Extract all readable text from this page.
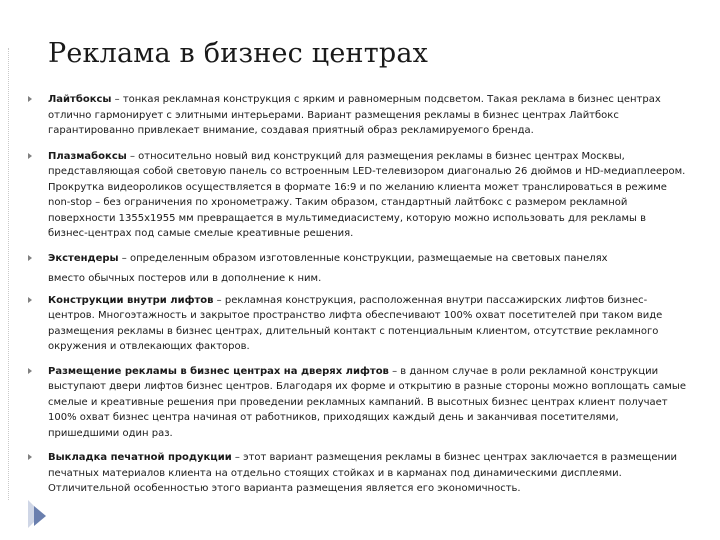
Реклама в бизнес центрах
Лайтбоксы – тонкая рекламная конструкция с ярким и равномерным подсветом. Такая реклама в бизнес центрах отлично гармонирует с элитными интерьерами. Вариант размещения рекламы в бизнес центрах Лайтбокс гарантированно привлекает внимание, создавая приятный образ рекламируемого бренда.
Плазмабоксы – относительно новый вид конструкций для размещения рекламы в бизнес центрах Москвы, представляющая собой световую панель со встроенным LED-телевизором диагональю 26 дюймов и HD-медиаплеером. Прокрутка видеороликов осуществляется в формате 16:9 и по желанию клиента может транслироваться в режиме non-stop – без ограничения по хронометражу. Таким образом, стандартный лайтбокс с размером рекламной поверхности 1355x1955 мм превращается в мультимедиасистему, которую можно использовать для рекламы в бизнес-центрах под самые смелые креативные решения.
Экстендеры – определенным образом изготовленные конструкции, размещаемые на световых панелях
вместо обычных постеров или в дополнение к ним.
Конструкции внутри лифтов – рекламная конструкция, расположенная внутри пассажирских лифтов бизнес-центров. Многоэтажность и закрытое пространство лифта обеспечивают 100% охват посетителей при таком виде размещения рекламы в бизнес центрах, длительный контакт с потенциальным клиентом, отсутствие рекламного окружения и отвлекающих факторов.
Размещение рекламы в бизнес центрах на дверях лифтов – в данном случае в роли рекламной конструкции выступают двери лифтов бизнес центров. Благодаря их форме и открытию в разные стороны можно воплощать самые смелые и креативные решения при проведении рекламных кампаний. В высотных бизнес центрах клиент получает 100% охват бизнес центра начиная от работников, приходящих каждый день и заканчивая посетителями, пришедшими один раз.
Выкладка печатной продукции – этот вариант размещения рекламы в бизнес центрах заключается в размещении печатных материалов клиента на отдельно стоящих стойках и в карманах под динамическими дисплеями. Отличительной особенностью этого варианта размещения является его экономичность.
